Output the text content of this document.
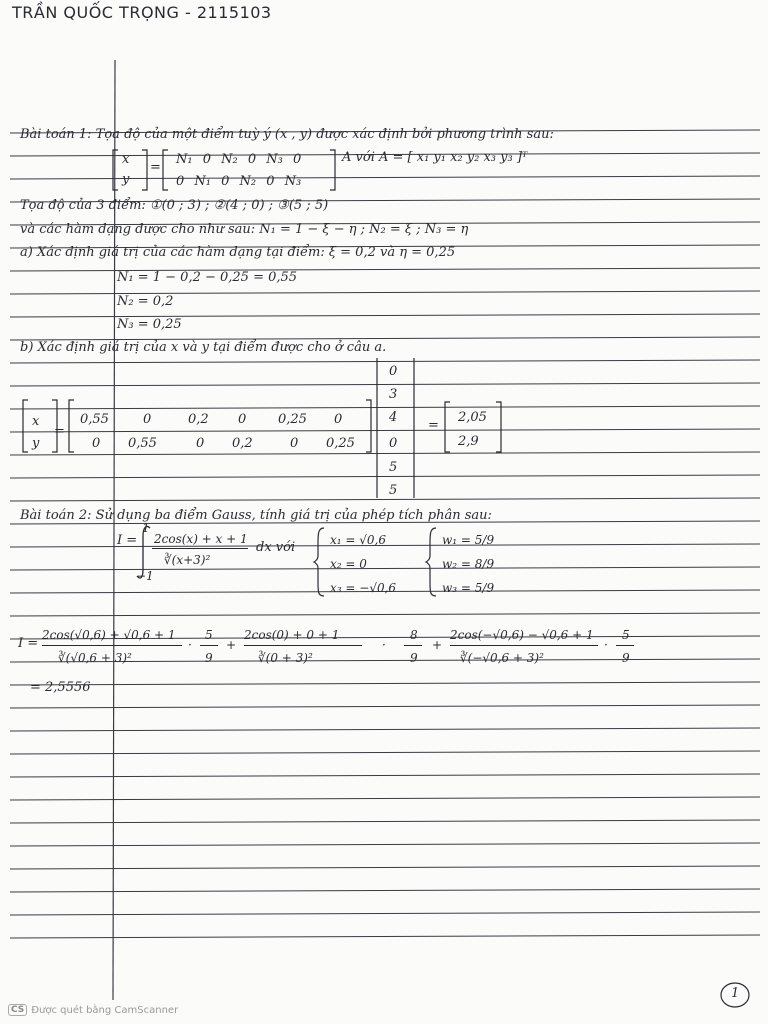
TRẦN QUỐC TRỌNG - 2115103
Bài toán 1: Tọa độ của một điểm tuỳ ý (x , y) được xác định bởi phương trình sau:
x
y
=
N₁ 0 N₂ 0 N₃ 0
0 N₁ 0 N₂ 0 N₃
A với A = [ x₁ y₁ x₂ y₂ x₃ y₃ ]ᵀ
Tọa độ của 3 điểm: ①(0 ; 3) ; ②(4 ; 0) ; ③(5 ; 5)
và các hàm dạng được cho như sau: N₁ = 1 − ξ − η ; N₂ = ξ ; N₃ = η
a) Xác định giá trị của các hàm dạng tại điểm: ξ = 0,2 và η = 0,25
N₁ = 1 − 0,2 − 0,25 = 0,55
N₂ = 0,2
N₃ = 0,25
b) Xác định giá trị của x và y tại điểm được cho ở câu a.
x
y
=
0,55	0	0,2 0 0,25 0
0 0,55	0 0,2	0 0,25
0
3
4
0
5
5
=
2,05
2,9
Bài toán 2: Sử dụng ba điểm Gauss, tính giá trị của phép tích phân sau:
I =
1
−1
2cos(x) + x + 1
∛(x+3)²
dx với	x₁ = √0,6
x₂ = 0
x₃ = −√0,6
w₁ = 5/9
w₂ = 8/9
w₃ = 5/9
I =
2cos(√0,6) + √0,6 + 1
∛(√0,6 + 3)²
·
5
9
+
2cos(0) + 0 + 1
∛(0 + 3)²
·
8
9
+
2cos(−√0,6) − √0,6 + 1
∛(−√0,6 + 3)²
·
5
9
= 2,5556
1
CS Được quét bằng CamScanner
